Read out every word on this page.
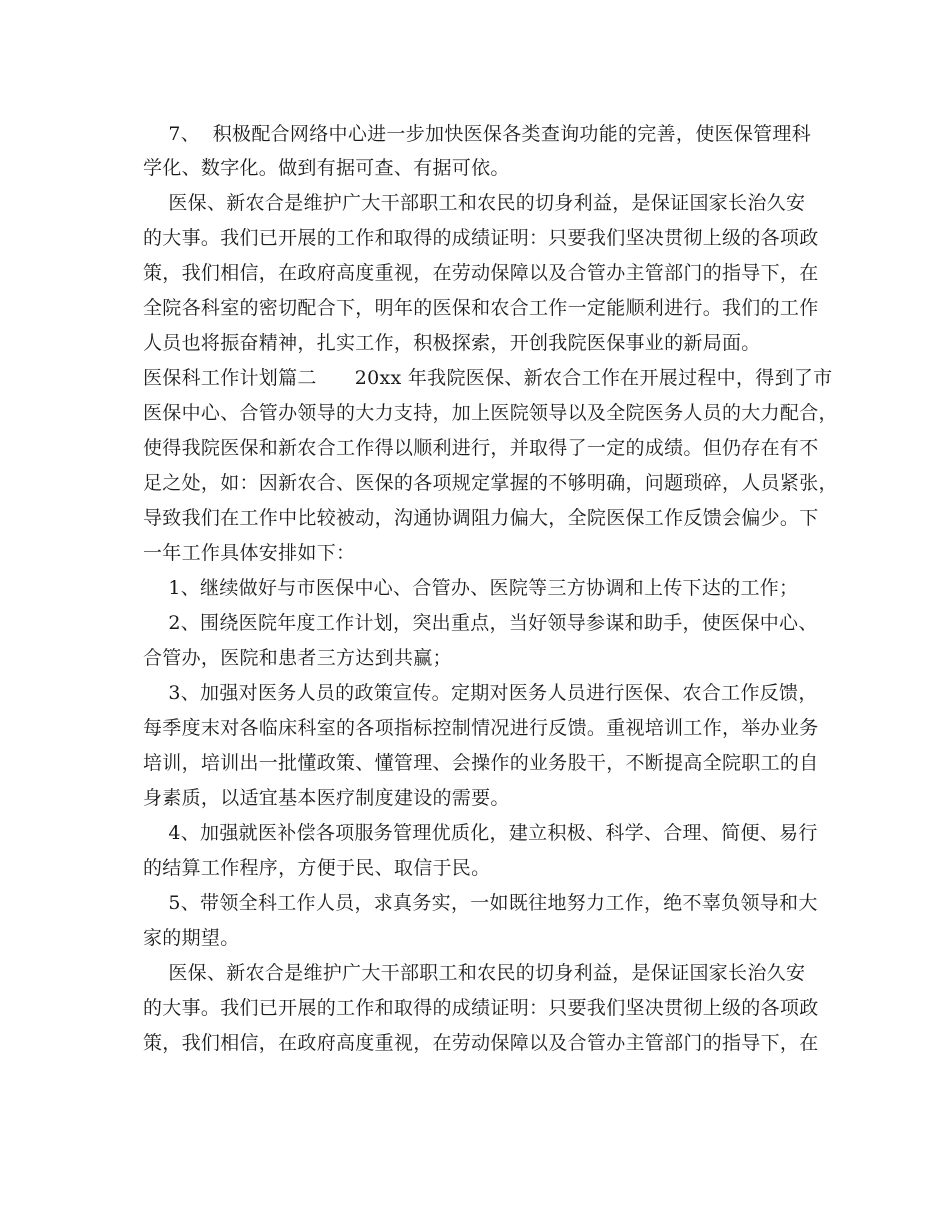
7、  积极配合网络中心进一步加快医保各类查询功能的完善，使医保管理科
学化、数字化。做到有据可查、有据可依。
医保、新农合是维护广大干部职工和农民的切身利益，是保证国家长治久安
的大事。我们已开展的工作和取得的成绩证明：只要我们坚决贯彻上级的各项政
策，我们相信，在政府高度重视，在劳动保障以及合管办主管部门的指导下，在
全院各科室的密切配合下，明年的医保和农合工作一定能顺利进行。我们的工作
人员也将振奋精神，扎实工作，积极探索，开创我院医保事业的新局面。
医保科工作计划篇二      20xx 年我院医保、新农合工作在开展过程中，得到了市
医保中心、合管办领导的大力支持，加上医院领导以及全院医务人员的大力配合，
使得我院医保和新农合工作得以顺利进行，并取得了一定的成绩。但仍存在有不
足之处，如：因新农合、医保的各项规定掌握的不够明确，问题琐碎，人员紧张，
导致我们在工作中比较被动，沟通协调阻力偏大，全院医保工作反馈会偏少。下
一年工作具体安排如下：
1、继续做好与市医保中心、合管办、医院等三方协调和上传下达的工作；
2、围绕医院年度工作计划，突出重点，当好领导参谋和助手，使医保中心、
合管办，医院和患者三方达到共赢；
3、加强对医务人员的政策宣传。定期对医务人员进行医保、农合工作反馈，
每季度末对各临床科室的各项指标控制情况进行反馈。重视培训工作，举办业务
培训，培训出一批懂政策、懂管理、会操作的业务股干，不断提高全院职工的自
身素质，以适宜基本医疗制度建设的需要。
4、加强就医补偿各项服务管理优质化，建立积极、科学、合理、简便、易行
的结算工作程序，方便于民、取信于民。
5、带领全科工作人员，求真务实，一如既往地努力工作，绝不辜负领导和大
家的期望。
医保、新农合是维护广大干部职工和农民的切身利益，是保证国家长治久安
的大事。我们已开展的工作和取得的成绩证明：只要我们坚决贯彻上级的各项政
策，我们相信，在政府高度重视，在劳动保障以及合管办主管部门的指导下，在
